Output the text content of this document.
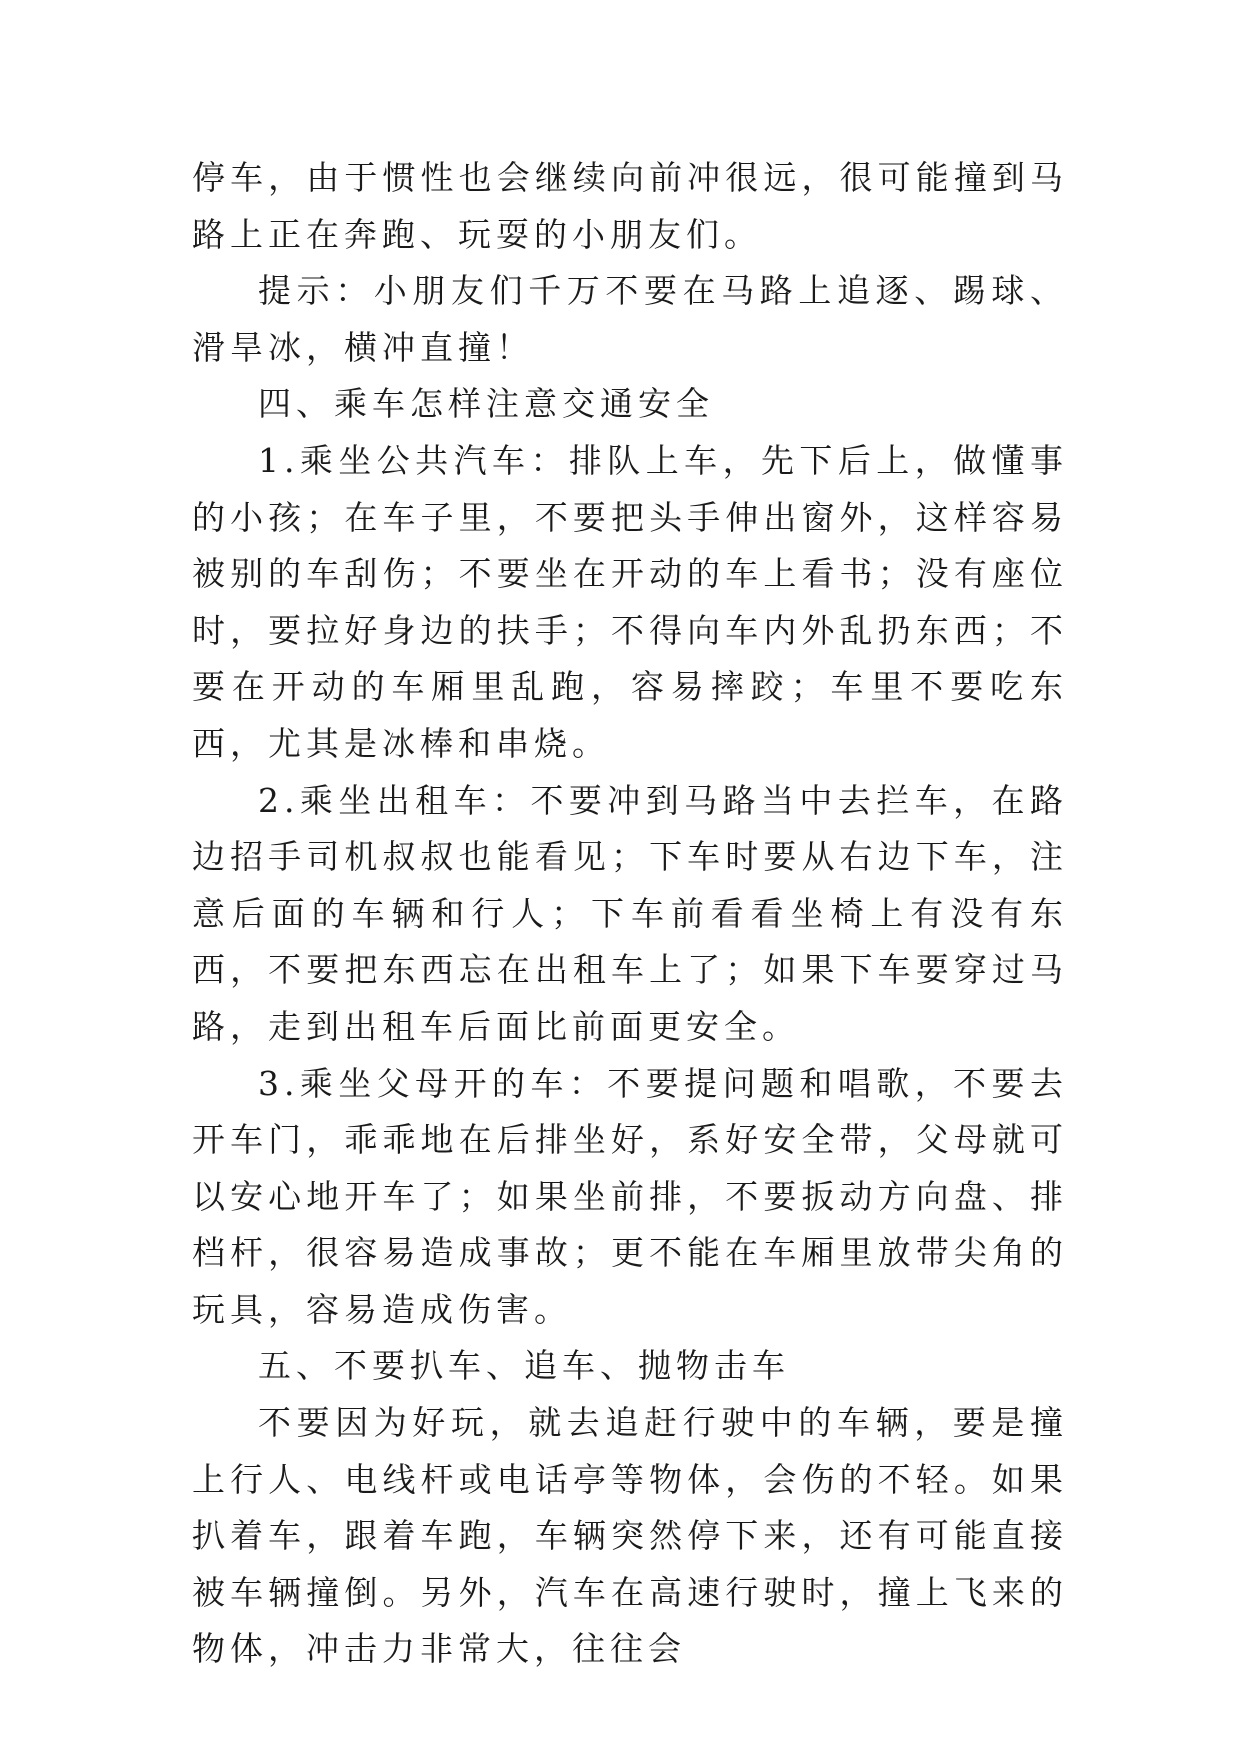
停车，由于惯性也会继续向前冲很远，很可能撞到马路上正在奔跑、玩耍的小朋友们。

提示：小朋友们千万不要在马路上追逐、踢球、滑旱冰，横冲直撞！

四、乘车怎样注意交通安全

1.乘坐公共汽车：排队上车，先下后上，做懂事的小孩；在车子里，不要把头手伸出窗外，这样容易被别的车刮伤；不要坐在开动的车上看书；没有座位时，要拉好身边的扶手；不得向车内外乱扔东西；不要在开动的车厢里乱跑，容易摔跤；车里不要吃东西，尤其是冰棒和串烧。

2.乘坐出租车：不要冲到马路当中去拦车，在路边招手司机叔叔也能看见；下车时要从右边下车，注意后面的车辆和行人；下车前看看坐椅上有没有东西，不要把东西忘在出租车上了；如果下车要穿过马路，走到出租车后面比前面更安全。

3.乘坐父母开的车：不要提问题和唱歌，不要去开车门，乖乖地在后排坐好，系好安全带，父母就可以安心地开车了；如果坐前排，不要扳动方向盘、排档杆，很容易造成事故；更不能在车厢里放带尖角的玩具，容易造成伤害。

五、不要扒车、追车、抛物击车

不要因为好玩，就去追赶行驶中的车辆，要是撞上行人、电线杆或电话亭等物体，会伤的不轻。如果扒着车，跟着车跑，车辆突然停下来，还有可能直接被车辆撞倒。另外，汽车在高速行驶时，撞上飞来的物体，冲击力非常大，往往会
